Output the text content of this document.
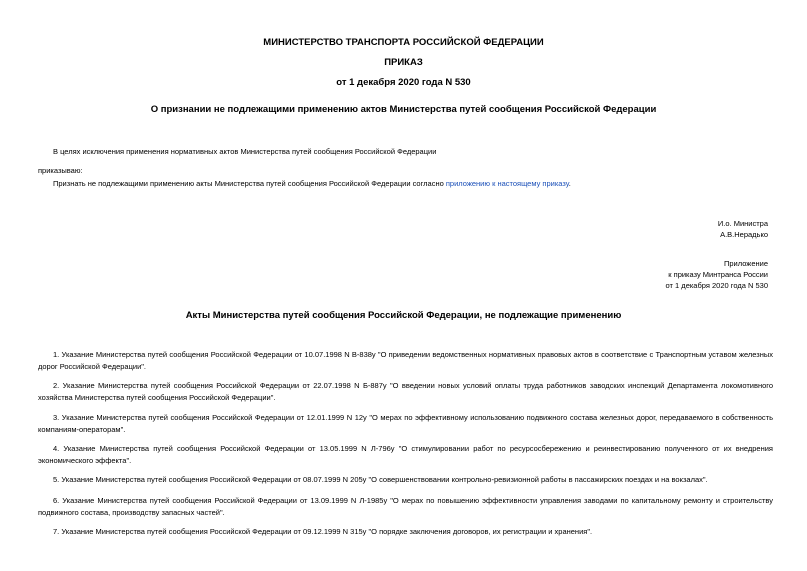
МИНИСТЕРСТВО ТРАНСПОРТА РОССИЙСКОЙ ФЕДЕРАЦИИ
ПРИКАЗ
от 1 декабря 2020 года N 530
О признании не подлежащими применению актов Министерства путей сообщения Российской Федерации
В целях исключения применения нормативных актов Министерства путей сообщения Российской Федерации
приказываю:
Признать не подлежащими применению акты Министерства путей сообщения Российской Федерации согласно приложению к настоящему приказу.
И.о. Министра
А.В.Нерадько
Приложение
к приказу Минтранса России
от 1 декабря 2020 года N 530
Акты Министерства путей сообщения Российской Федерации, не подлежащие применению
1. Указание Министерства путей сообщения Российской Федерации от 10.07.1998 N В-838у "О приведении ведомственных нормативных правовых актов в соответствие с Транспортным уставом железных дорог Российской Федерации".
2. Указание Министерства путей сообщения Российской Федерации от 22.07.1998 N Б-887у "О введении новых условий оплаты труда работников заводских инспекций Департамента локомотивного хозяйства Министерства путей сообщения Российской Федерации".
3. Указание Министерства путей сообщения Российской Федерации от 12.01.1999 N 12у "О мерах по эффективному использованию подвижного состава железных дорог, передаваемого в собственность компаниям-операторам".
4. Указание Министерства путей сообщения Российской Федерации от 13.05.1999 N Л-796у "О стимулировании работ по ресурсосбережению и реинвестированию полученного от их внедрения экономического эффекта".
5. Указание Министерства путей сообщения Российской Федерации от 08.07.1999 N 205у "О совершенствовании контрольно-ревизионной работы в пассажирских поездах и на вокзалах".
6. Указание Министерства путей сообщения Российской Федерации от 13.09.1999 N Л-1985у "О мерах по повышению эффективности управления заводами по капитальному ремонту и строительству подвижного состава, производству запасных частей".
7. Указание Министерства путей сообщения Российской Федерации от 09.12.1999 N 315у "О порядке заключения договоров, их регистрации и хранения".
